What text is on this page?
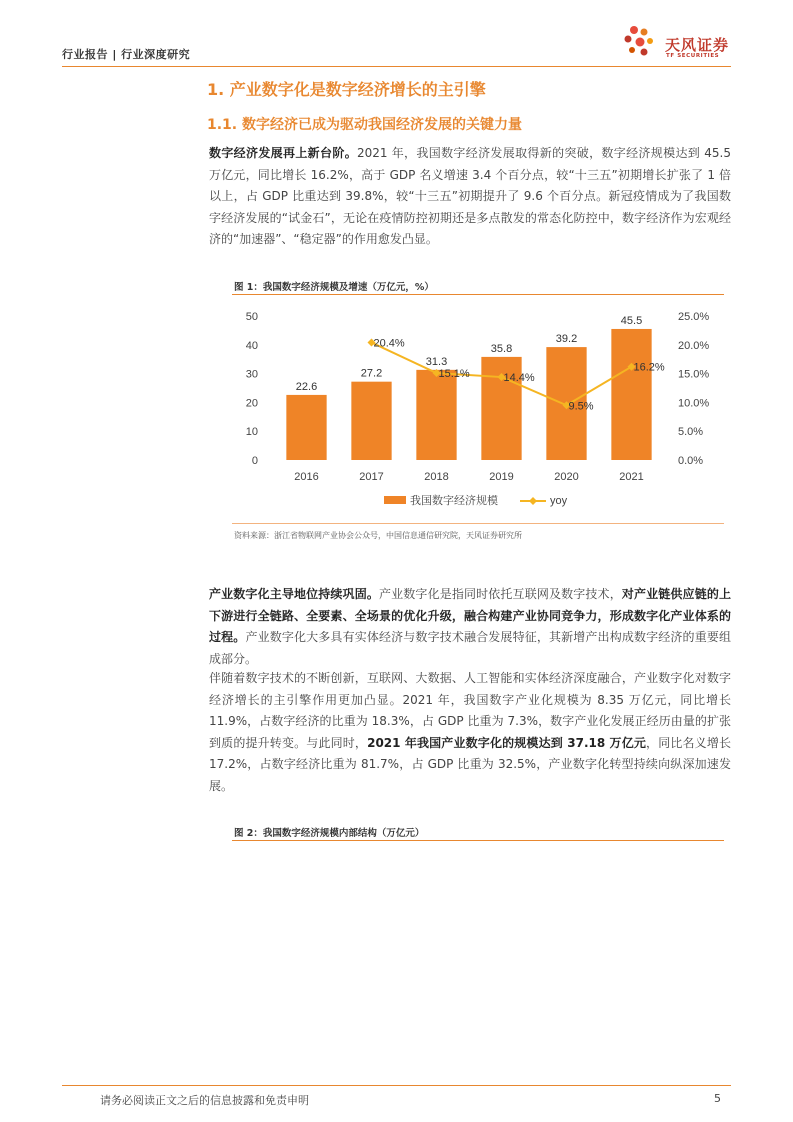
行业报告 | 行业深度研究
天风证券
TF SECURITIES
1. 产业数字化是数字经济增长的主引擎
1.1. 数字经济已成为驱动我国经济发展的关键力量
数字经济发展再上新台阶。2021 年，我国数字经济发展取得新的突破，数字经济规模达到 45.5 万亿元，同比增长 16.2%，高于 GDP 名义增速 3.4 个百分点，较“十三五”初期增长扩张了 1 倍以上，占 GDP 比重达到 39.8%，较“十三五”初期提升了 9.6 个百分点。新冠疫情成为了我国数字经济发展的“试金石”，无论在疫情防控初期还是多点散发的常态化防控中，数字经济作为宏观经济的“加速器”、“稳定器”的作用愈发凸显。
图 1：我国数字经济规模及增速（万亿元，%）
0
10
20
30
40
50
0.0%
5.0%
10.0%
15.0%
20.0%
25.0%
22.6
27.2
31.3
35.8
39.2
45.5
2016	2017	2018	2019	2020	2021
20.4%
15.1%	14.4%
9.5%
16.2%
我国数字经济规模	yoy
资料来源：浙江省物联网产业协会公众号，中国信息通信研究院，天风证券研究所
产业数字化主导地位持续巩固。产业数字化是指同时依托互联网及数字技术，对产业链供应链的上下游进行全链路、全要素、全场景的优化升级，融合构建产业协同竞争力，形成数字化产业体系的过程。产业数字化大多具有实体经济与数字技术融合发展特征，其新增产出构成数字经济的重要组成部分。
伴随着数字技术的不断创新，互联网、大数据、人工智能和实体经济深度融合，产业数字化对数字经济增长的主引擎作用更加凸显。2021 年，我国数字产业化规模为 8.35 万亿元，同比增长 11.9%，占数字经济的比重为 18.3%，占 GDP 比重为 7.3%，数字产业化发展正经历由量的扩张到质的提升转变。与此同时，2021 年我国产业数字化的规模达到 37.18 万亿元，同比名义增长 17.2%，占数字经济比重为 81.7%，占 GDP 比重为 32.5%，产业数字化转型持续向纵深加速发展。
图 2：我国数字经济规模内部结构（万亿元）
请务必阅读正文之后的信息披露和免责申明	5
